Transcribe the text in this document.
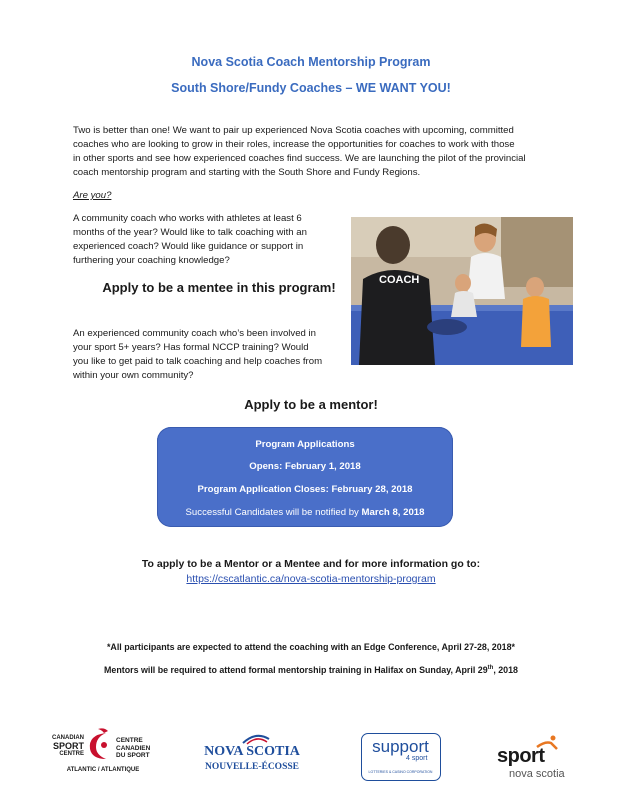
Nova Scotia Coach Mentorship Program
South Shore/Fundy Coaches – WE WANT YOU!
Two is better than one! We want to pair up experienced Nova Scotia coaches with upcoming, committed
coaches who are looking to grow in their roles, increase the opportunities for coaches to work with those
in other sports and see how experienced coaches find success. We are launching the pilot of the provincial
coach mentorship program and starting with the South Shore and Fundy Regions.
Are you?
A community coach who works with athletes at least 6
months of the year? Would like to talk coaching with an
experienced coach? Would like guidance or support in
furthering your coaching knowledge?
Apply to be a mentee in this program!	COACH
An experienced community coach who’s been involved in
your sport 5+ years? Has formal NCCP training? Would
you like to get paid to talk coaching and help coaches from
within your own community?
Apply to be a mentor!
Program Applications
Opens: February 1, 2018
Program Application Closes: February 28, 2018
Successful Candidates will be notified by March 8, 2018
To apply to be a Mentor or a Mentee and for more information go to:
https://cscatlantic.ca/nova-scotia-mentorship-program
*All participants are expected to attend the coaching with an Edge Conference, April 27-28, 2018*
Mentors will be required to attend formal mentorship training in Halifax on Sunday, April 29th, 2018
CANADIAN
SPORT
CENTRE
CENTRE
CANADIEN
DU SPORT
ATLANTIC / ATLANTIQUE
NOVA SCOTIA
NOUVELLE-ÉCOSSE
support
4 sport
LOTTERIES & CASINO CORPORATION
sport
nova scotia
